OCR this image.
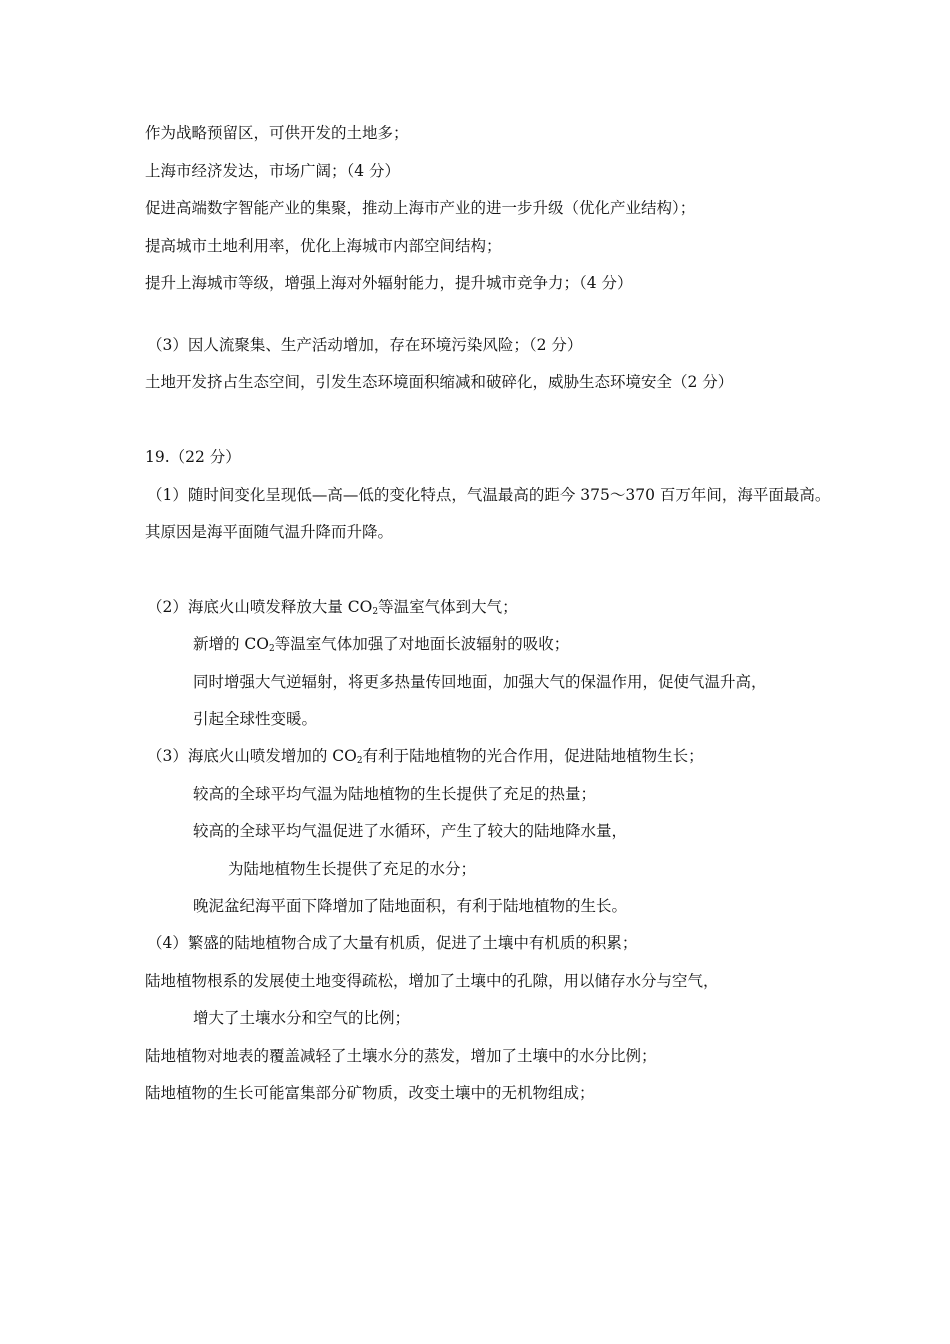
作为战略预留区，可供开发的土地多；
上海市经济发达，市场广阔；（4 分）
促进高端数字智能产业的集聚，推动上海市产业的进一步升级（优化产业结构）；
提高城市土地利用率，优化上海城市内部空间结构；
提升上海城市等级，增强上海对外辐射能力，提升城市竞争力；（4 分）
（3）因人流聚集、生产活动增加，存在环境污染风险；（2 分）
土地开发挤占生态空间，引发生态环境面积缩减和破碎化，威胁生态环境安全（2 分）
19.（22 分）
（1）随时间变化呈现低—高—低的变化特点，气温最高的距今 375～370 百万年间，海平面最高。
其原因是海平面随气温升降而升降。
（2）海底火山喷发释放大量 $CO_2$等温室气体到大气；
新增的 $CO_2$等温室气体加强了对地面长波辐射的吸收；
同时增强大气逆辐射，将更多热量传回地面，加强大气的保温作用，促使气温升高，
引起全球性变暖。
（3）海底火山喷发增加的 $CO_2$有利于陆地植物的光合作用，促进陆地植物生长；
较高的全球平均气温为陆地植物的生长提供了充足的热量；
较高的全球平均气温促进了水循环，产生了较大的陆地降水量，
为陆地植物生长提供了充足的水分；
晚泥盆纪海平面下降增加了陆地面积，有利于陆地植物的生长。
（4）繁盛的陆地植物合成了大量有机质，促进了土壤中有机质的积累；
陆地植物根系的发展使土地变得疏松，增加了土壤中的孔隙，用以储存水分与空气，
增大了土壤水分和空气的比例；
陆地植物对地表的覆盖减轻了土壤水分的蒸发，增加了土壤中的水分比例；
陆地植物的生长可能富集部分矿物质，改变土壤中的无机物组成；
